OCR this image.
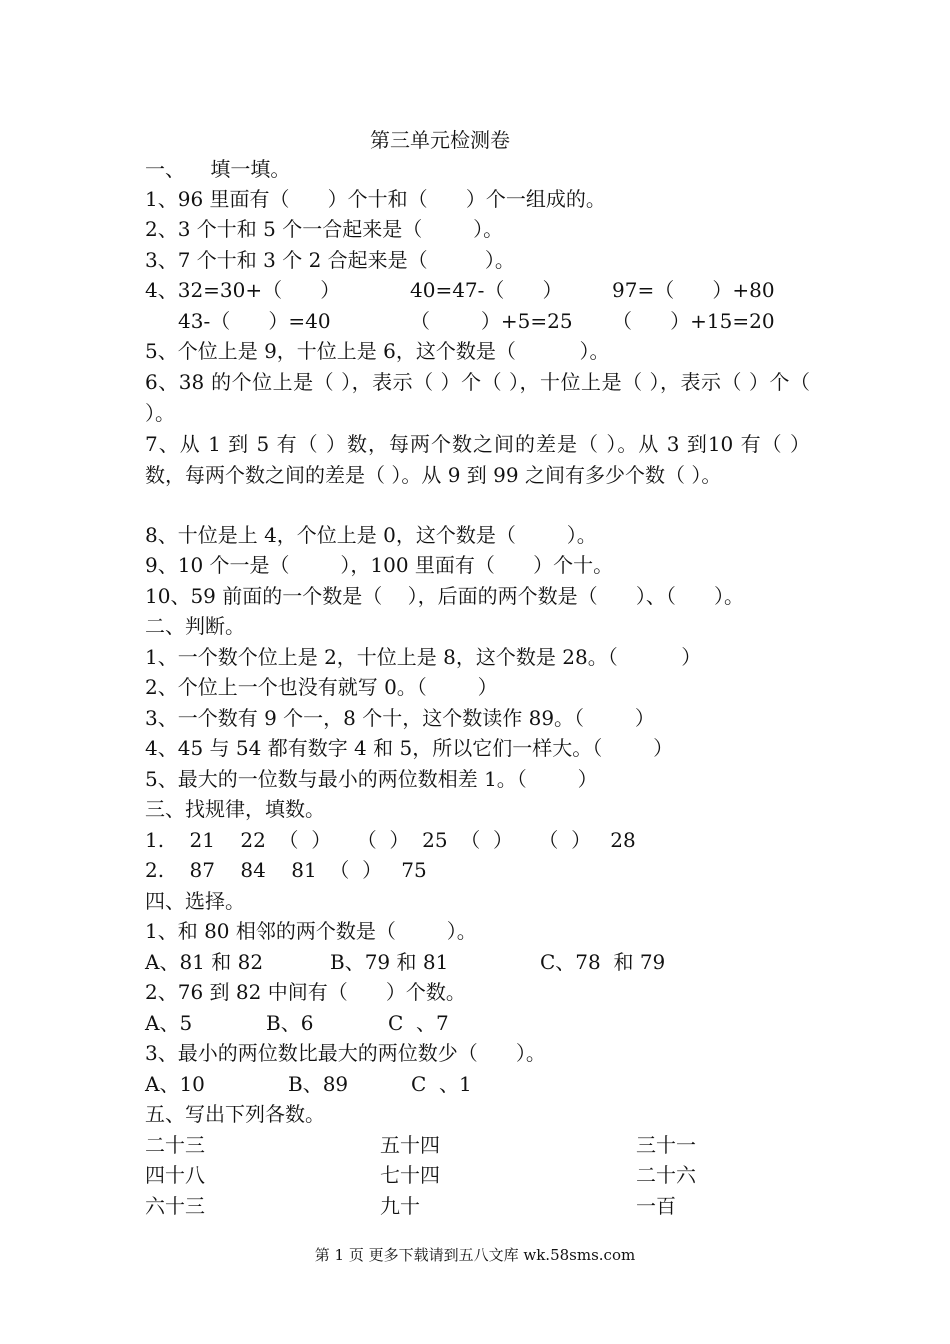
第三单元检测卷
一、    填一填。
1、96 里面有（      ）个十和（      ）个一组成的。
2、3 个十和 5 个一合起来是（        ）。
3、7 个十和 3 个 2 合起来是（         ）。
4、32=30+（      ）	40=47-（      ） 97=（      ）+80
43-（      ）=40	（        ）+5=25 （      ）+15=20
5、个位上是 9，十位上是 6，这个数是（          ）。
6、38 的个位上是（ ），表示（ ）个（ ），十位上是（ ），表示（ ）个（ ）。
7、从 1 到 5 有（ ）数，每两个数之间的差是（ ）。从 3 到10 有（ ）数，每两个数之间的差是（ ）。从 9 到 99 之间有多少个数（ ）。
8、十位是上 4，个位上是 0，这个数是（        ）。
9、10 个一是（        ），100 里面有（      ）个十。
10、59 前面的一个数是（    ），后面的两个数是（      ）、（      ）。
二、判断。
1、一个数个位上是 2，十位上是 8，这个数是 28。（          ）
2、个位上一个也没有就写 0。（        ）
3、一个数有 9 个一，8 个十，这个数读作 89。（        ）
4、45 与 54 都有数字 4 和 5，所以它们一样大。（        ）
5、最大的一位数与最小的两位数相差 1。（        ）
三、找规律，填数。
1.    21    22  （  ）    （  ）  25  （  ）    （  ）   28
2.    87    84    81  （  ）   75
四、选择。
1、和 80 相邻的两个数是（        ）。
A、81 和 82	B、79 和 81	C、78  和 79
2、76 到 82 中间有（      ）个数。
A、5	B、6	C  、7
3、最小的两位数比最大的两位数少（      ）。
A、10	B、89	C  、1
五、写出下列各数。
二十三	五十四	三十一
四十八	七十四	二十六
六十三	九十	一百
第 1 页 更多下载请到五八文库 wk.58sms.com
